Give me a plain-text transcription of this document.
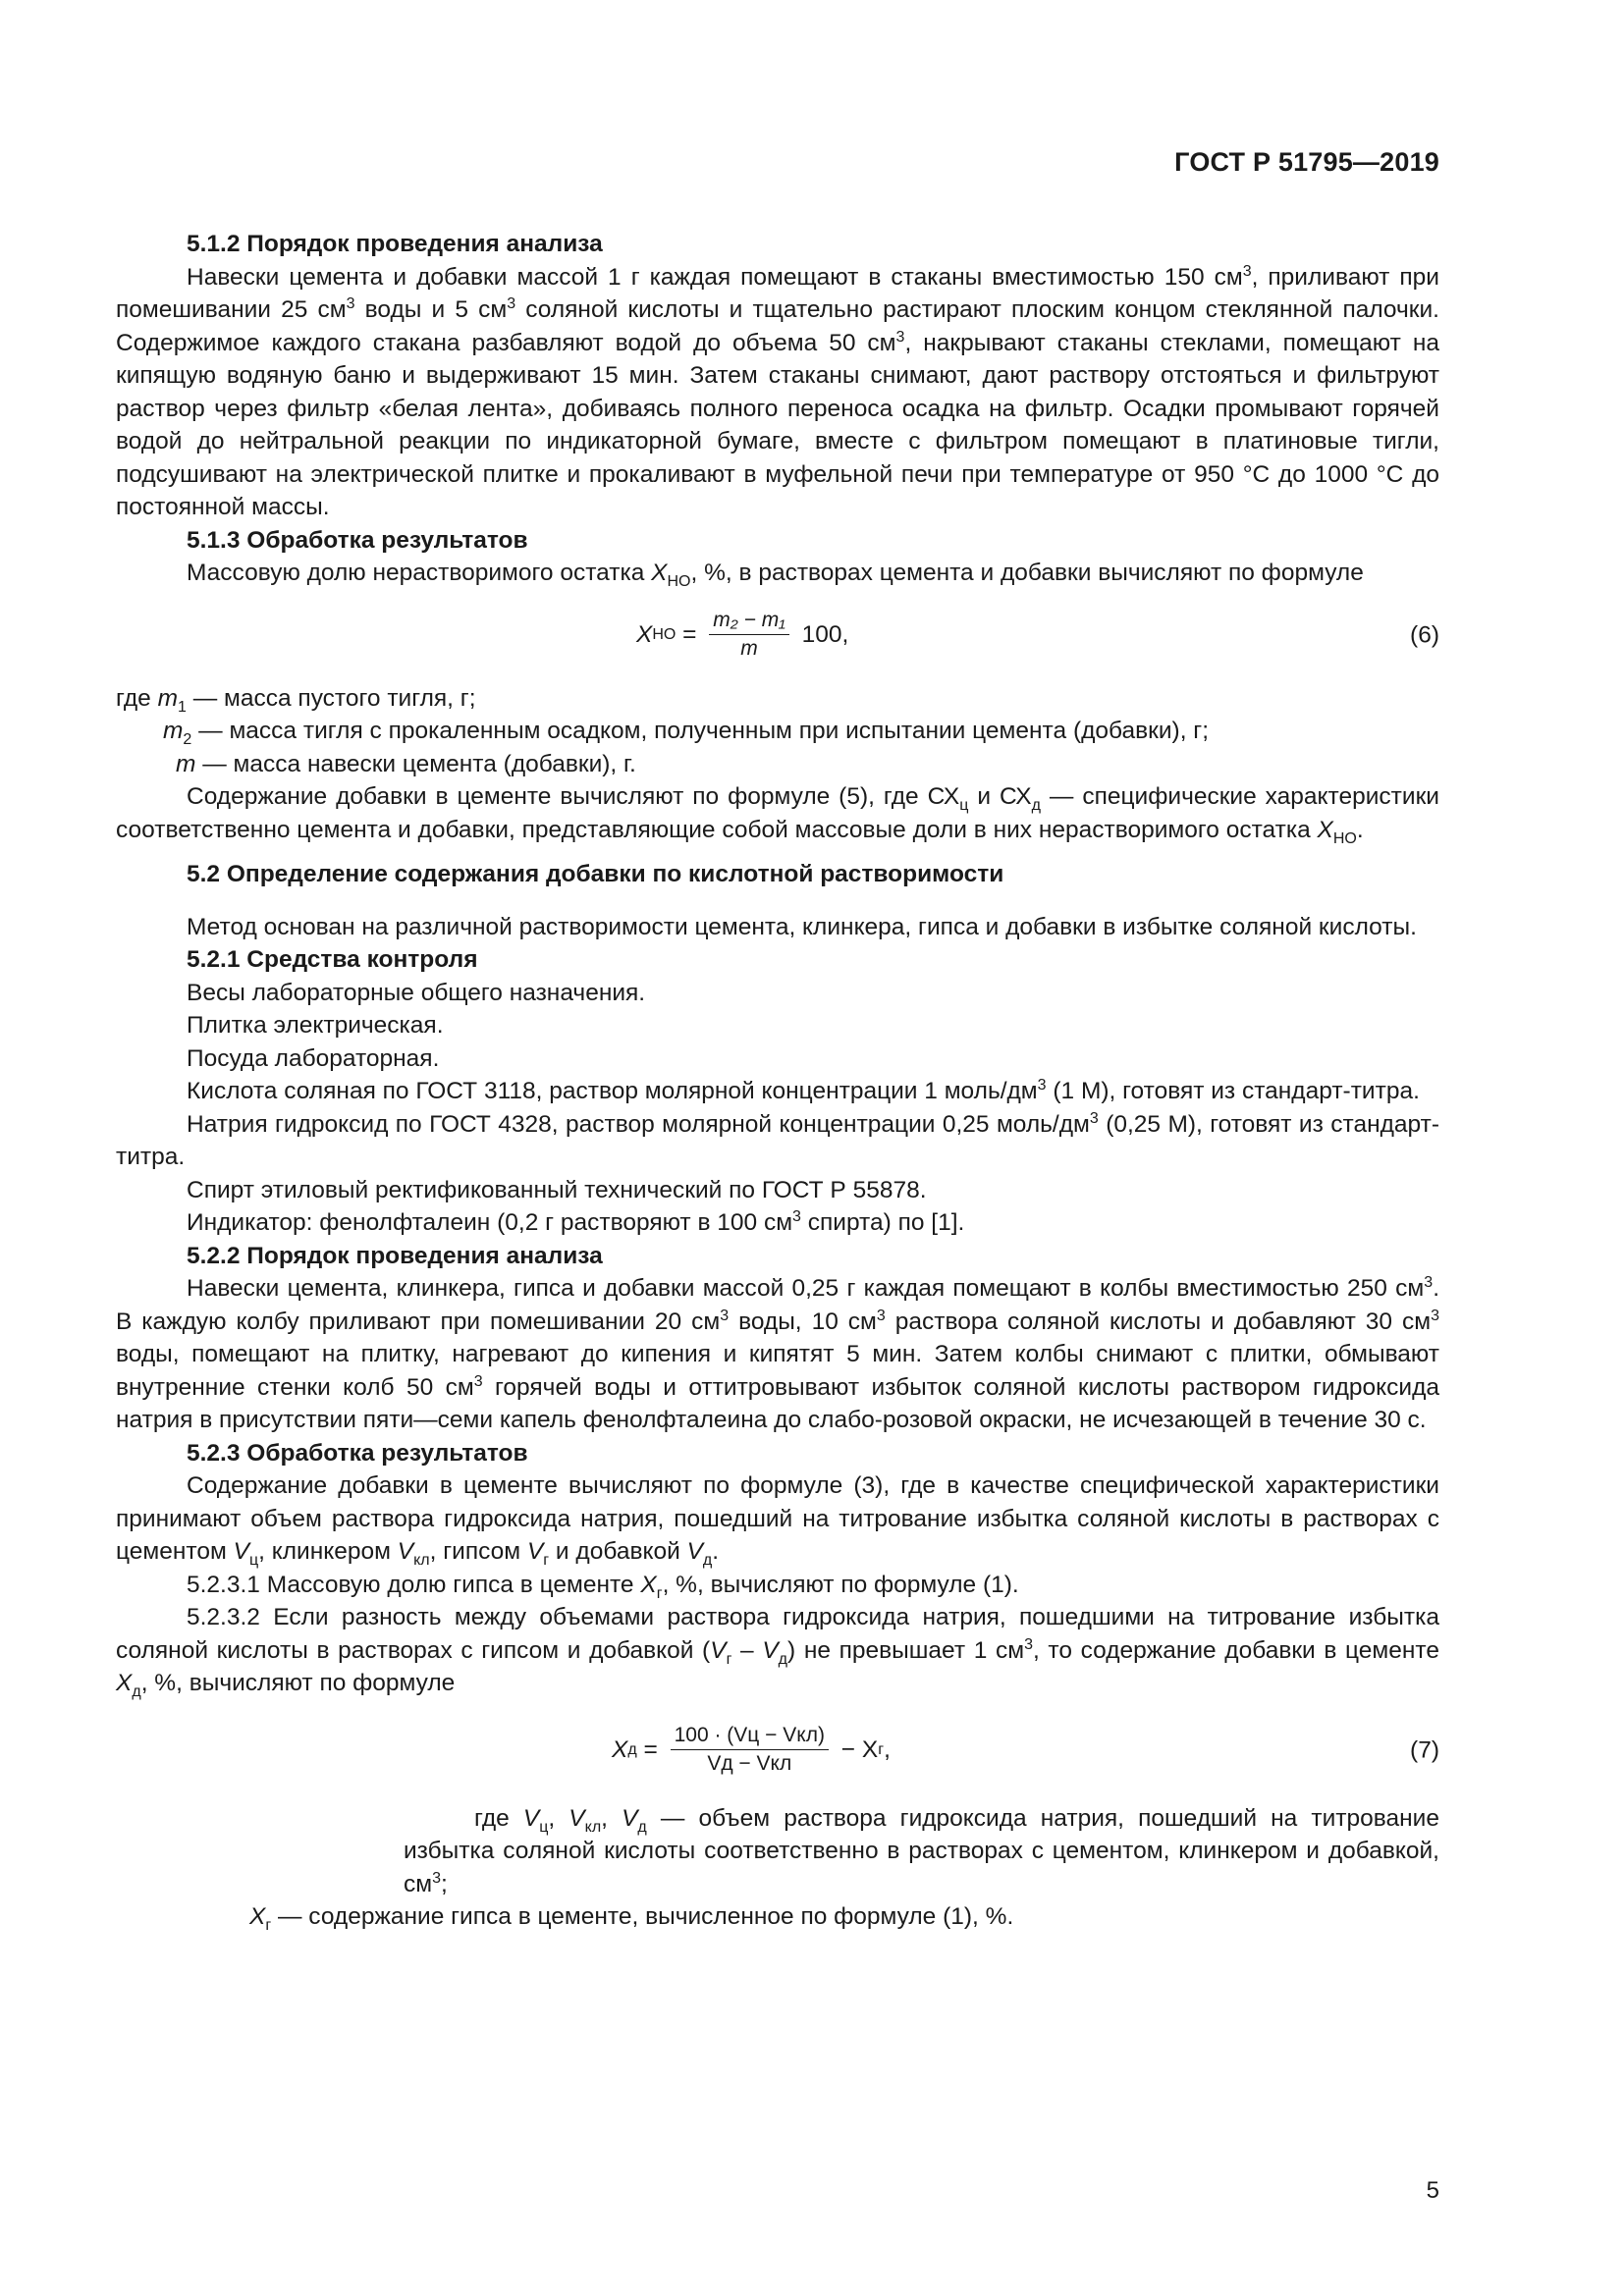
ГОСТ Р 51795—2019
5.1.2 Порядок проведения анализа

Навески цемента и добавки массой 1 г каждая помещают в стаканы вместимостью 150 $см^3$, приливают при помешивании 25 $см^3$ воды и 5 $см^3$ соляной кислоты и тщательно растирают плоским концом стеклянной палочки. Содержимое каждого стакана разбавляют водой до объема 50 $см^3$, накрывают стаканы стеклами, помещают на кипящую водяную баню и выдерживают 15 мин. Затем стаканы снимают, дают раствору отстояться и фильтруют раствор через фильтр «белая лента», добиваясь полного переноса осадка на фильтр. Осадки промывают горячей водой до нейтральной реакции по индикаторной бумаге, вместе с фильтром помещают в платиновые тигли, подсушивают на электрической плитке и прокаливают в муфельной печи при температуре от 950 °С до 1000 °С до постоянной массы.

5.1.3 Обработка результатов

Массовую долю нерастворимого остатка $X_{НО}$, %, в растворах цемента и добавки вычисляют по формуле

X НО = $\frac{\text{m₂ − m₁}}{m} 100$,	(6)
где $m_1$ — масса пустого тигля, г;
$m_2$ — масса тигля с прокаленным осадком, полученным при испытании цемента (добавки), г;
m — масса навески цемента (добавки), г.

Содержание добавки в цементе вычисляют по формуле (5), где $СХ_ц$ и $СХ_д$ — специфические характеристики соответственно цемента и добавки, представляющие собой массовые доли в них нерастворимого остатка $X_{НО}$.

5.2 Определение содержания добавки по кислотной растворимости

Метод основан на различной растворимости цемента, клинкера, гипса и добавки в избытке соляной кислоты.

5.2.1 Средства контроля

Весы лабораторные общего назначения.

Плитка электрическая.

Посуда лабораторная.

Кислота соляная по ГОСТ 3118, раствор молярной концентрации 1 моль/$дм^3$ (1 М), готовят из стандарт-титра.

Натрия гидроксид по ГОСТ 4328, раствор молярной концентрации 0,25 моль/$дм^3$ (0,25 М), готовят из стандарт-титра.

Спирт этиловый ректификованный технический по ГОСТ Р 55878.

Индикатор: фенолфталеин (0,2 г растворяют в 100 $см^3$ спирта) по [1].

5.2.2 Порядок проведения анализа

Навески цемента, клинкера, гипса и добавки массой 0,25 г каждая помещают в колбы вместимостью 250 $см^3$. В каждую колбу приливают при помешивании 20 $см^3$ воды, 10 $см^3$ раствора соляной кислоты и добавляют 30 $см^3$ воды, помещают на плитку, нагревают до кипения и кипятят 5 мин. Затем колбы снимают с плитки, обмывают внутренние стенки колб 50 $см^3$ горячей воды и оттитровывают избыток соляной кислоты раствором гидроксида натрия в присутствии пяти—семи капель фенолфталеина до слабо-розовой окраски, не исчезающей в течение 30 с.

5.2.3 Обработка результатов

Содержание добавки в цементе вычисляют по формуле (3), где в качестве специфической характеристики принимают объем раствора гидроксида натрия, пошедший на титрование избытка соляной кислоты в растворах с цементом $V_ц$, клинкером $V_{кл}$, гипсом $V_г$ и добавкой $V_д$.

5.2.3.1 Массовую долю гипса в цементе $X_г$, %, вычисляют по формуле (1).

5.2.3.2 Если разность между объемами раствора гидроксида натрия, пошедшими на титрование избытка соляной кислоты в растворах с гипсом и добавкой $(V_г - V_д)$ не превышает 1 $см^3$, то содержание добавки в цементе $X_д$, %, вычисляют по формуле

X $д = \frac{\text{100 · (Vц − Vкл)}}{\text{Vд − Vкл}} - X$ г ,	(7)

где $V_ц$, $V_{кл}$, $V_д$ — объем раствора гидроксида натрия, пошедший на титрование избытка соляной кислоты соответственно в растворах с цементом, клинкером и добавкой, $см^3$;

$X_г$ — содержание гипса в цементе, вычисленное по формуле (1), %.

5
